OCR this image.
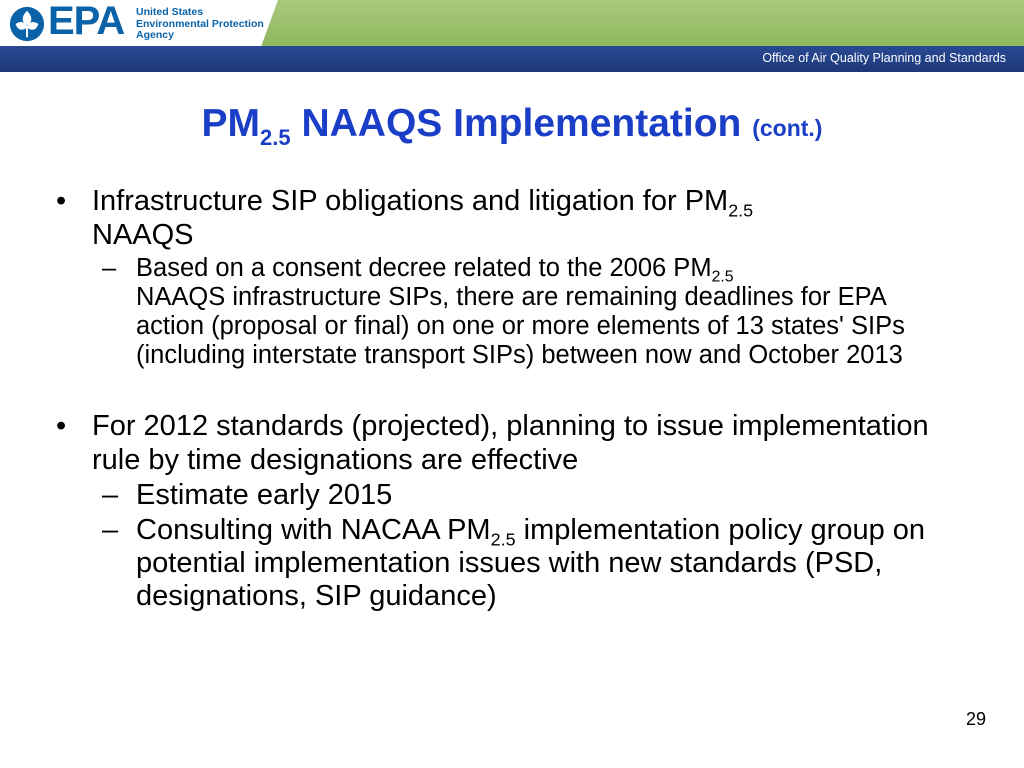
Office of Air Quality Planning and Standards
EPA United States
Environmental Protection
Agency
$PM_{2.5}$ NAAQS Implementation (cont.)
• Infrastructure SIP obligations and litigation for $PM_{2.5}$
NAAQS
– Based on a consent decree related to the 2006 $PM_{2.5}$
NAAQS infrastructure SIPs, there are remaining deadlines for EPA action (proposal or final) on one or more elements of 13 states' SIPs (including interstate transport SIPs) between now and October 2013
• For 2012 standards (projected), planning to issue implementation rule by time designations are effective
– Estimate early 2015
– Consulting with NACAA $PM_{2.5}$ implementation policy group on potential implementation issues with new standards (PSD, designations, SIP guidance)
29
